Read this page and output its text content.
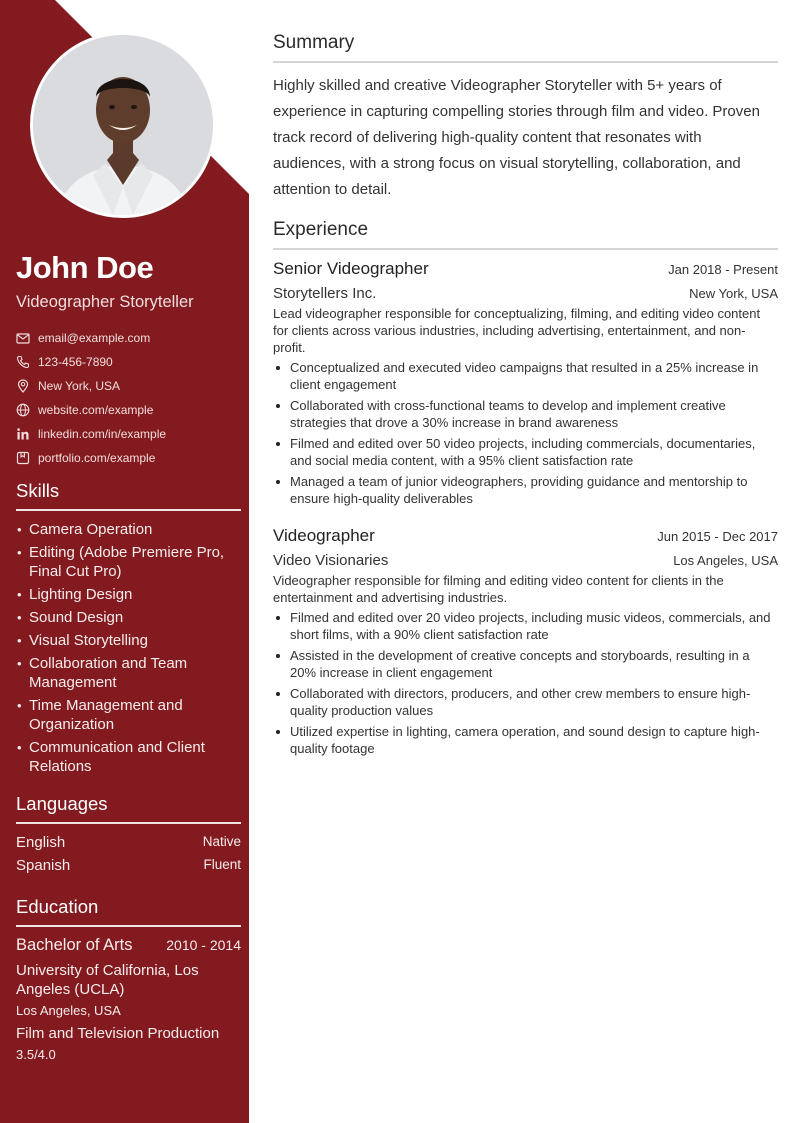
John Doe
Videographer Storyteller
email@example.com
123-456-7890
New York, USA
website.com/example
linkedin.com/in/example
portfolio.com/example
Skills
• Camera Operation
• Editing (Adobe Premiere Pro, Final Cut Pro)
• Lighting Design
• Sound Design
• Visual Storytelling
• Collaboration and Team Management
• Time Management and Organization
• Communication and Client Relations
Languages
English	Native
Spanish	Fluent
Education
Bachelor of Arts 2010 - 2014
University of California, Los Angeles (UCLA)
Los Angeles, USA
Film and Television Production
3.5/4.0
Summary

Highly skilled and creative Videographer Storyteller with 5+ years of experience in capturing compelling stories through film and video. Proven track record of delivering high-quality content that resonates with audiences, with a strong focus on visual storytelling, collaboration, and attention to detail.

Experience
Senior Videographer	Jan 2018 - Present
Storytellers Inc.	New York, USA
Lead videographer responsible for conceptualizing, filming, and editing video content for clients across various industries, including advertising, entertainment, and non-profit.
Conceptualized and executed video campaigns that resulted in a 25% increase in client engagement
Collaborated with cross-functional teams to develop and implement creative strategies that drove a 30% increase in brand awareness
Filmed and edited over 50 video projects, including commercials, documentaries, and social media content, with a 95% client satisfaction rate
Managed a team of junior videographers, providing guidance and mentorship to ensure high-quality deliverables
Videographer	Jun 2015 - Dec 2017
Video Visionaries	Los Angeles, USA
Videographer responsible for filming and editing video content for clients in the entertainment and advertising industries.
Filmed and edited over 20 video projects, including music videos, commercials, and short films, with a 90% client satisfaction rate
Assisted in the development of creative concepts and storyboards, resulting in a 20% increase in client engagement
Collaborated with directors, producers, and other crew members to ensure high-quality production values
Utilized expertise in lighting, camera operation, and sound design to capture high-quality footage
